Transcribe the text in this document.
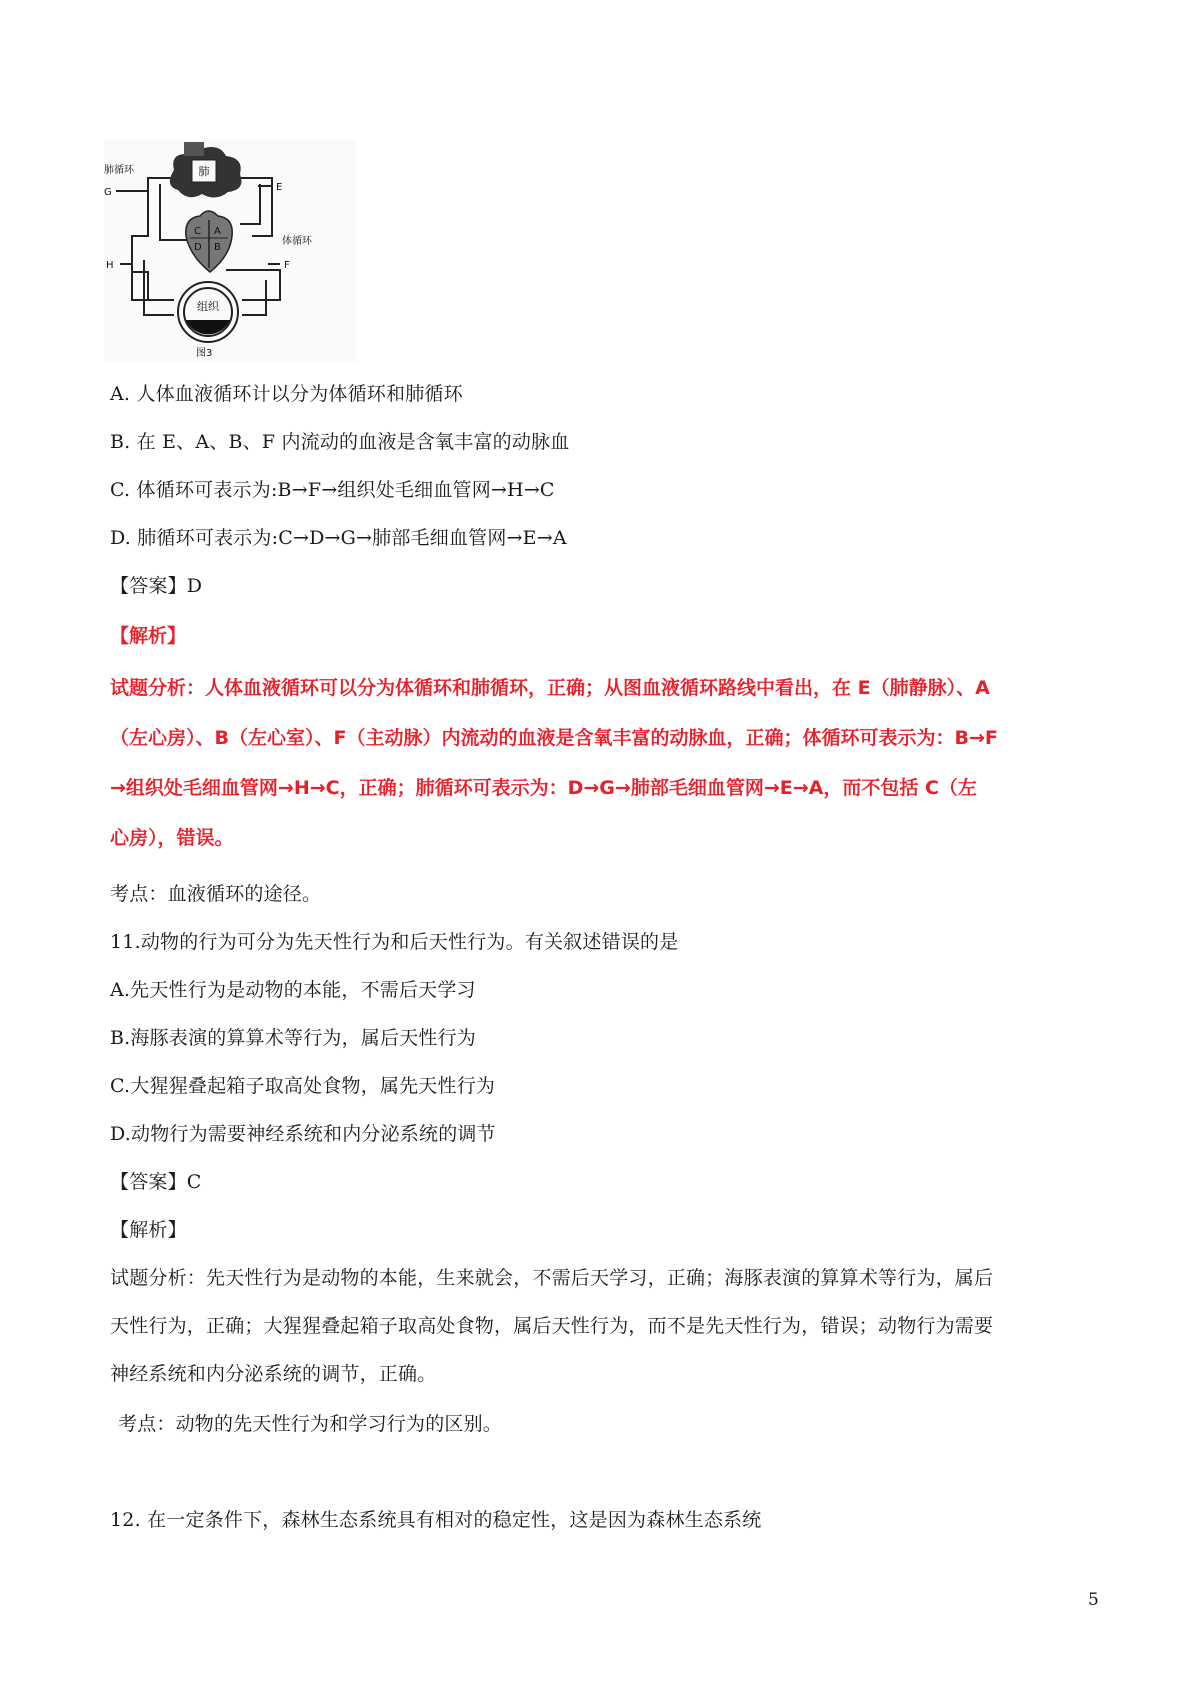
肺
肺循环
G	E
体循环
H	F
A
B
C
D
组织
图3

A. 人体血液循环计以分为体循环和肺循环

B. 在 E、A、B、F 内流动的血液是含氧丰富的动脉血

C. 体循环可表示为:B→F→组织处毛细血管网→H→C

D. 肺循环可表示为:C→D→G→肺部毛细血管网→E→A

【答案】D

【解析】

试题分析：人体血液循环可以分为体循环和肺循环，正确；从图血液循环路线中看出，在 E（肺静脉）、A

（左心房）、B（左心室）、F（主动脉）内流动的血液是含氧丰富的动脉血，正确；体循环可表示为：B→F

→组织处毛细血管网→H→C，正确；肺循环可表示为：D→G→肺部毛细血管网→E→A，而不包括 C（左

心房），错误。

考点：血液循环的途径。

11.动物的行为可分为先天性行为和后天性行为。有关叙述错误的是

A.先天性行为是动物的本能，不需后天学习

B.海豚表演的算算术等行为，属后天性行为

C.大猩猩叠起箱子取高处食物，属先天性行为

D.动物行为需要神经系统和内分泌系统的调节

【答案】C

【解析】

试题分析：先天性行为是动物的本能，生来就会，不需后天学习，正确；海豚表演的算算术等行为，属后

天性行为，正确；大猩猩叠起箱子取高处食物，属后天性行为，而不是先天性行为，错误；动物行为需要

神经系统和内分泌系统的调节，正确。

考点：动物的先天性行为和学习行为的区别。

12. 在一定条件下，森林生态系统具有相对的稳定性，这是因为森林生态系统

5
